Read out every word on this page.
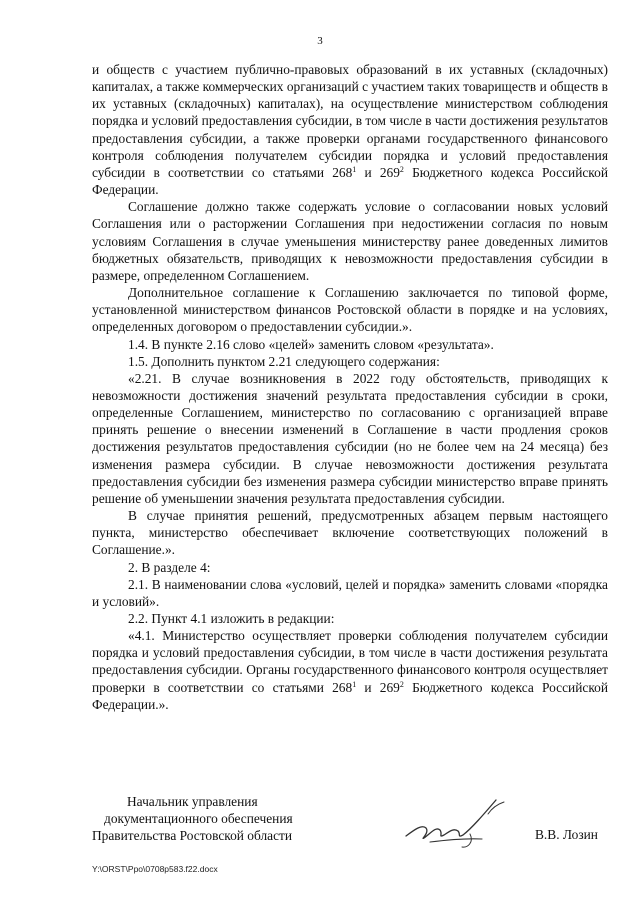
3

и обществ с участием публично-правовых образований в их уставных (складочных) капиталах, а также коммерческих организаций с участием таких товариществ и обществ в их уставных (складочных) капиталах), на осуществление министерством соблюдения порядка и условий предоставления субсидии, в том числе в части достижения результатов предоставления субсидии, а также проверки органами государственного финансового контроля соблюдения получателем субсидии порядка и условий предоставления субсидии в соответствии со статьями $268^1$ и $269^2$ Бюджетного кодекса Российской Федерации.

Соглашение должно также содержать условие о согласовании новых условий Соглашения или о расторжении Соглашения при недостижении согласия по новым условиям Соглашения в случае уменьшения министерству ранее доведенных лимитов бюджетных обязательств, приводящих к невозможности предоставления субсидии в размере, определенном Соглашением.

Дополнительное соглашение к Соглашению заключается по типовой форме, установленной министерством финансов Ростовской области в порядке и на условиях, определенных договором о предоставлении субсидии.».

1.4. В пункте 2.16 слово «целей» заменить словом «результата».

1.5. Дополнить пунктом 2.21 следующего содержания:

«2.21. В случае возникновения в 2022 году обстоятельств, приводящих к невозможности достижения значений результата предоставления субсидии в сроки, определенные Соглашением, министерство по согласованию с организацией вправе принять решение о внесении изменений в Соглашение в части продления сроков достижения результатов предоставления субсидии (но не более чем на 24 месяца) без изменения размера субсидии. В случае невозможности достижения результата предоставления субсидии без изменения размера субсидии министерство вправе принять решение об уменьшении значения результата предоставления субсидии.

В случае принятия решений, предусмотренных абзацем первым настоящего пункта, министерство обеспечивает включение соответствующих положений в Соглашение.».

2. В разделе 4:

2.1. В наименовании слова «условий, целей и порядка» заменить словами «порядка и условий».

2.2. Пункт 4.1 изложить в редакции:

«4.1. Министерство осуществляет проверки соблюдения получателем субсидии порядка и условий предоставления субсидии, в том числе в части достижения результата предоставления субсидии. Органы государственного финансового контроля осуществляет проверки в соответствии со статьями $268^1$ и $269^2$ Бюджетного кодекса Российской Федерации.».

Начальник управления
документационного обеспечения
Правительства Ростовской области	В.В. Лозин
Y:\ORST\Ppo\0708p583.f22.docx
